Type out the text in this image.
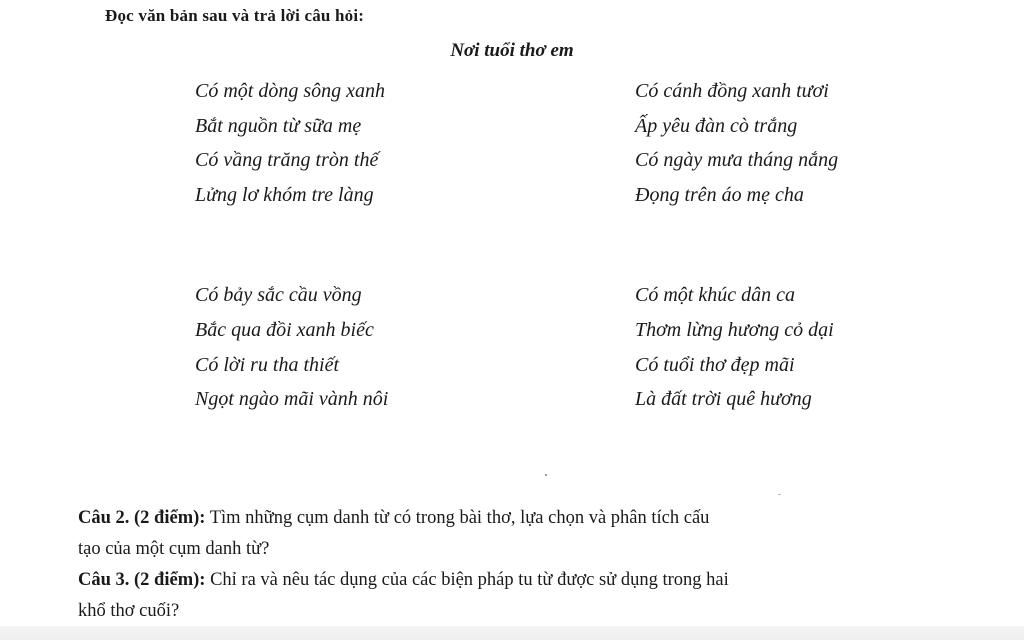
Đọc văn bản sau và trả lời câu hỏi:
Nơi tuổi thơ em
Có một dòng sông xanh
Bắt nguồn từ sữa mẹ
Có vầng trăng tròn thế
Lửng lơ khóm tre làng
Có cánh đồng xanh tươi
Ấp yêu đàn cò trắng
Có ngày mưa tháng nắng
Đọng trên áo mẹ cha
Có bảy sắc cầu vồng
Bắc qua đồi xanh biếc
Có lời ru tha thiết
Ngọt ngào mãi vành nôi
Có một khúc dân ca
Thơm lừng hương cỏ dại
Có tuổi thơ đẹp mãi
Là đất trời quê hương

Câu 2. (2 điểm): Tìm những cụm danh từ có trong bài thơ, lựa chọn và phân tích cấu

tạo của một cụm danh từ?

Câu 3. (2 điểm): Chỉ ra và nêu tác dụng của các biện pháp tu từ được sử dụng trong hai

khổ thơ cuối?
